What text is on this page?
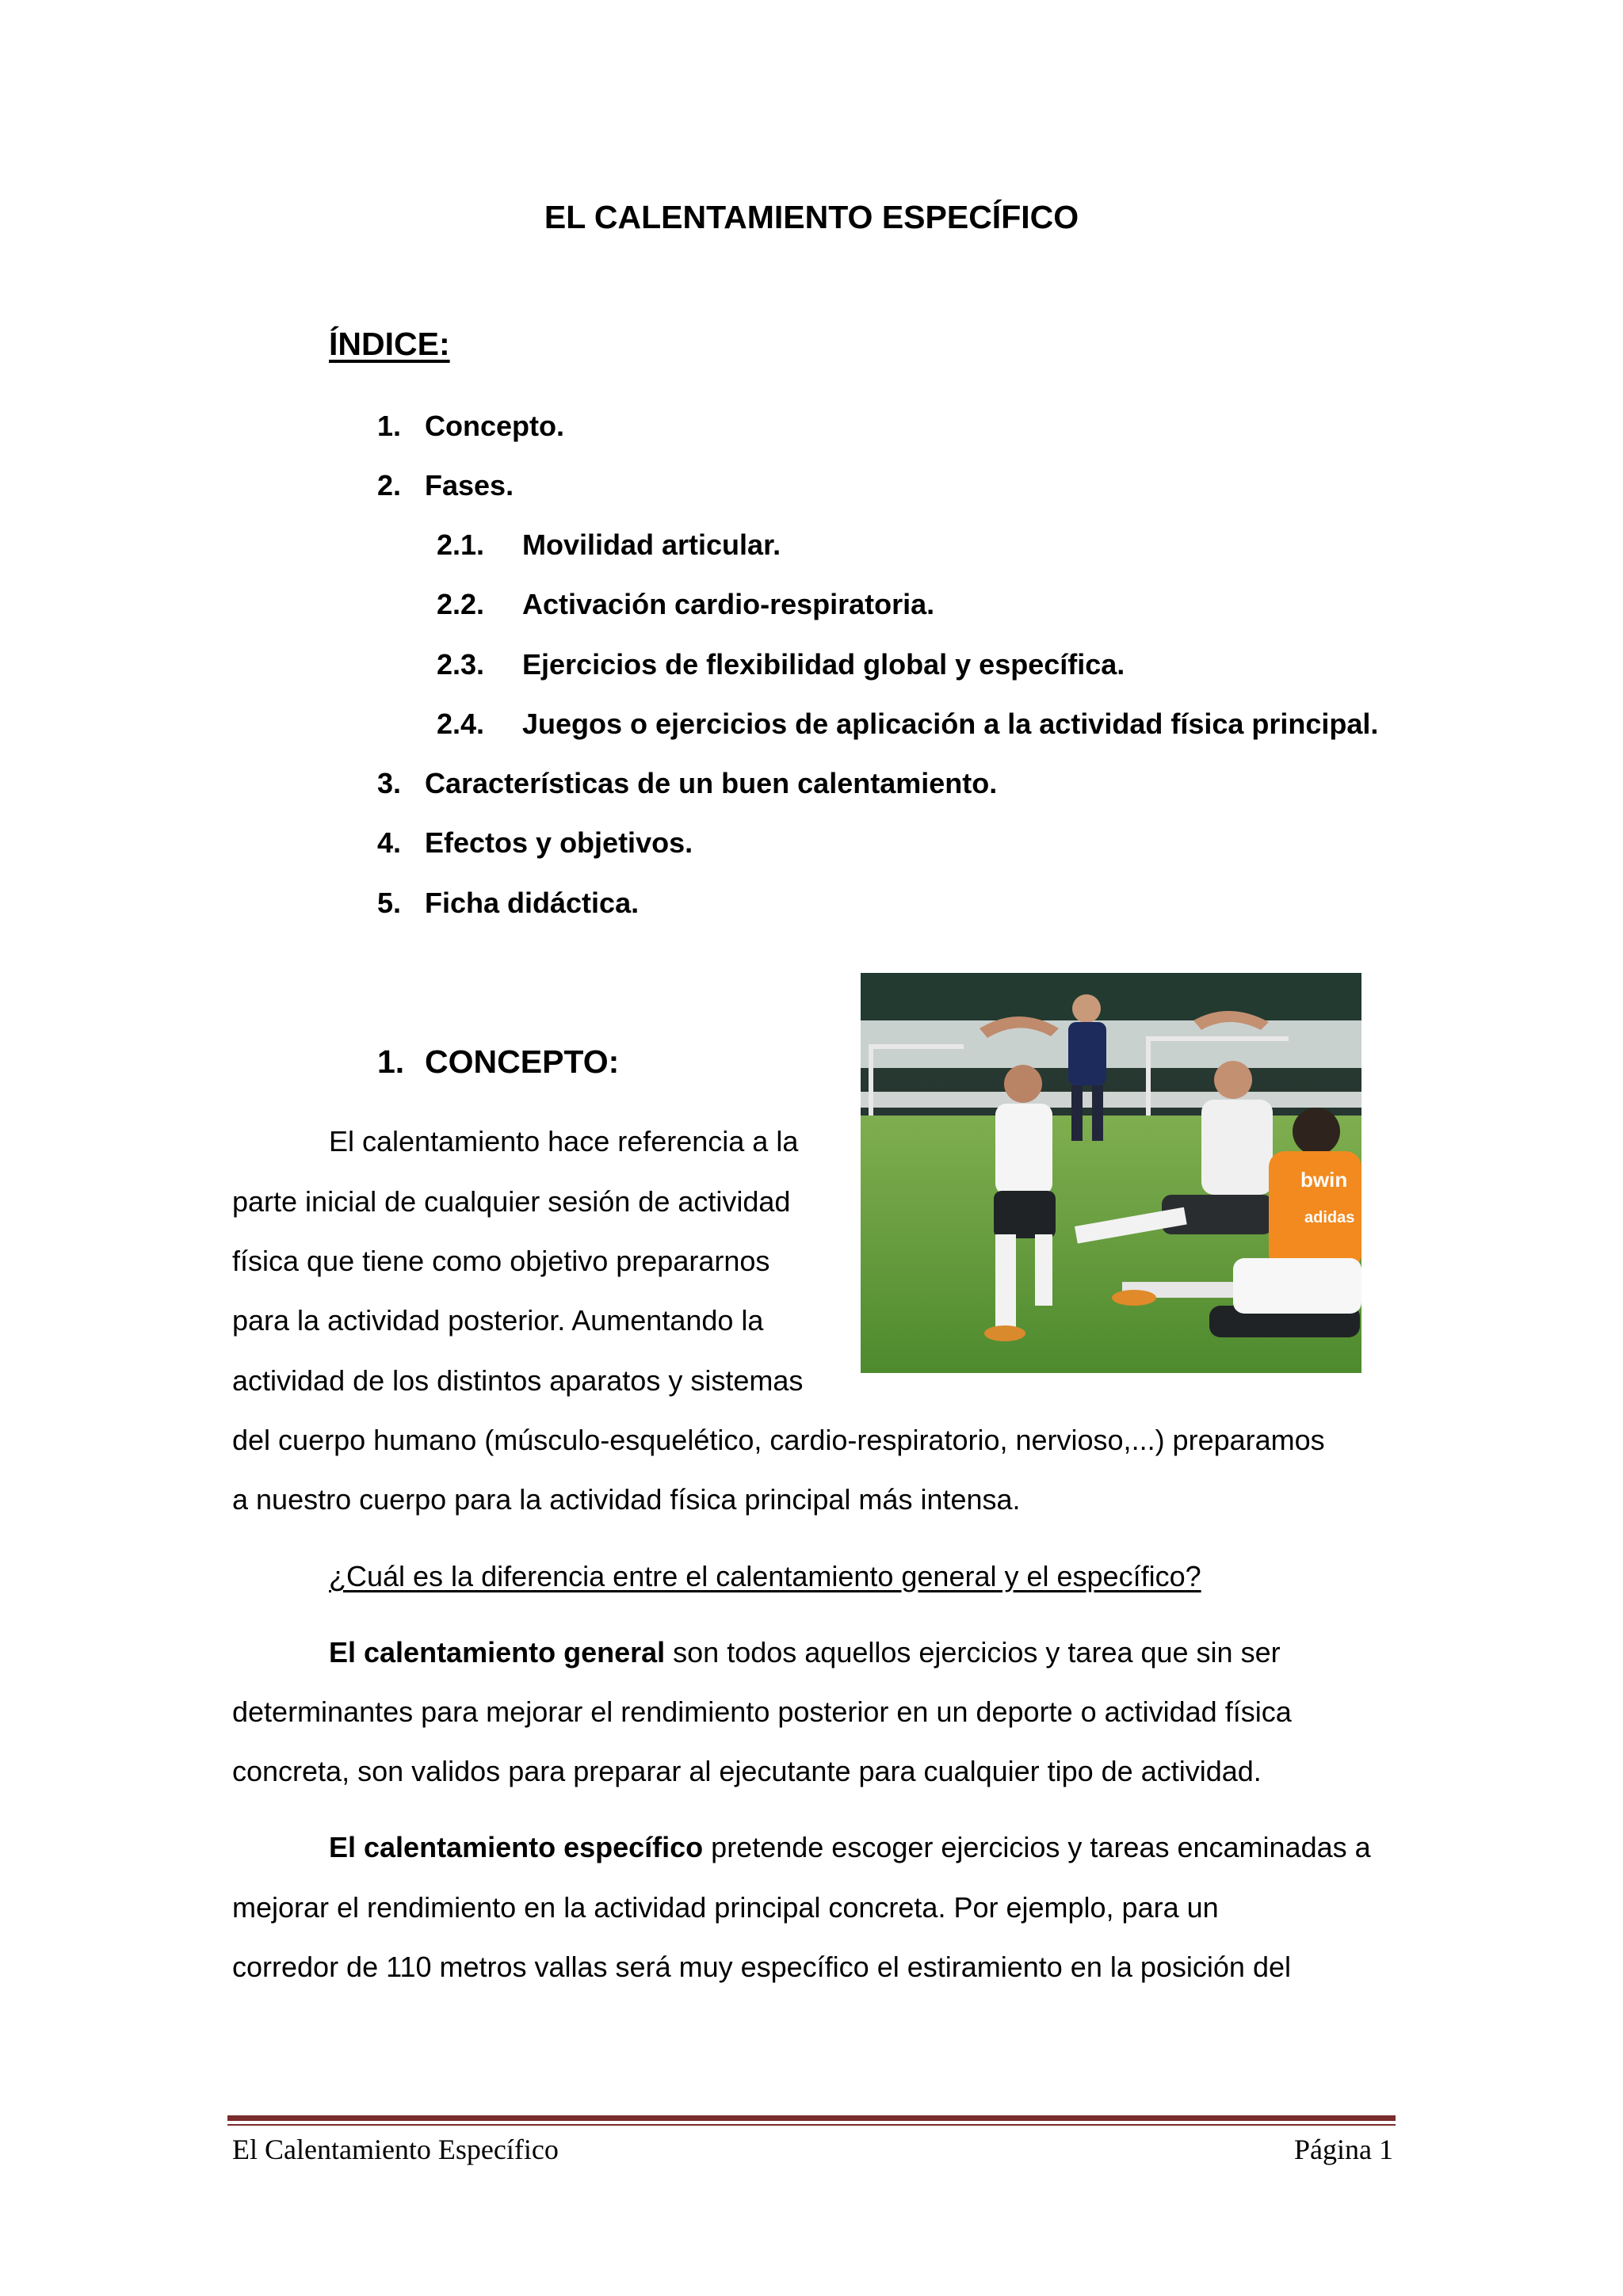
EL CALENTAMIENTO ESPECÍFICO
ÍNDICE:
1. Concepto.
2. Fases.
2.1. Movilidad articular.
2.2. Activación cardio-respiratoria.
2.3. Ejercicios de flexibilidad global y específica.
2.4. Juegos o ejercicios de aplicación a la actividad física principal.
3. Características de un buen calentamiento.
4. Efectos y objetivos.
5. Ficha didáctica.
1. CONCEPTO:
bwin
adidas
El calentamiento hace referencia a la
parte inicial de cualquier sesión de actividad
física que tiene como objetivo prepararnos
para la actividad posterior. Aumentando la
actividad de los distintos aparatos y sistemas
del cuerpo humano (músculo-esquelético, cardio-respiratorio, nervioso,...) preparamos
a nuestro cuerpo para la actividad física principal más intensa.
¿Cuál es la diferencia entre el calentamiento general y el específico?
El calentamiento general son todos aquellos ejercicios y tarea que sin ser
determinantes para mejorar el rendimiento posterior en un deporte o actividad física
concreta, son validos para preparar al ejecutante para cualquier tipo de actividad.
El calentamiento específico pretende escoger ejercicios y tareas encaminadas a
mejorar el rendimiento en la actividad principal concreta. Por ejemplo, para un
corredor de 110 metros vallas será muy específico el estiramiento en la posición del
El Calentamiento Específico	Página 1
